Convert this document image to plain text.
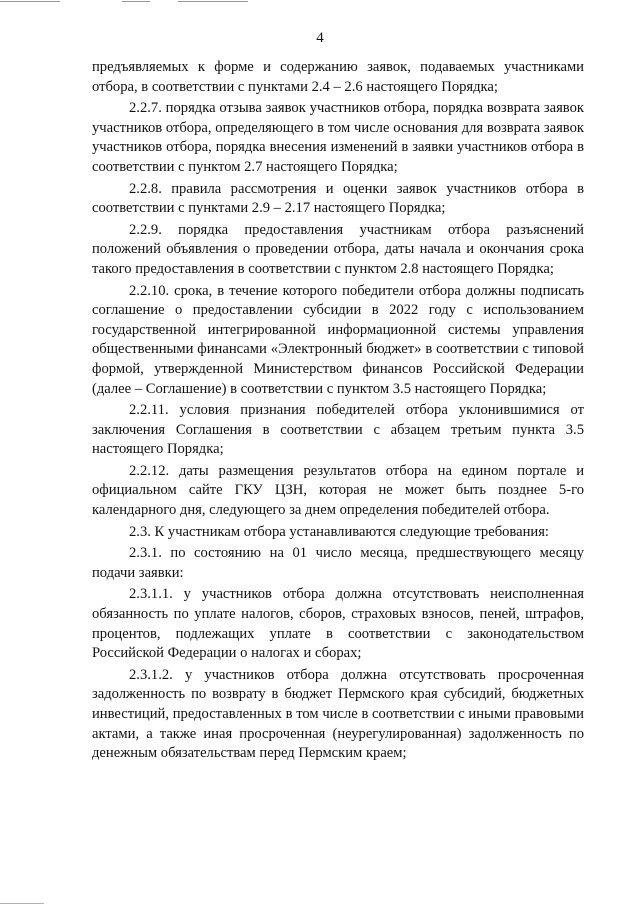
4

предъявляемых к форме и содержанию заявок, подаваемых участниками отбора, в соответствии с пунктами 2.4 – 2.6 настоящего Порядка;

2.2.7. порядка отзыва заявок участников отбора, порядка возврата заявок участников отбора, определяющего в том числе основания для возврата заявок участников отбора, порядка внесения изменений в заявки участников отбора в соответствии с пунктом 2.7 настоящего Порядка;

2.2.8. правила рассмотрения и оценки заявок участников отбора в соответствии с пунктами 2.9 – 2.17 настоящего Порядка;

2.2.9. порядка предоставления участникам отбора разъяснений положений объявления о проведении отбора, даты начала и окончания срока такого предоставления в соответствии с пунктом 2.8 настоящего Порядка;

2.2.10. срока, в течение которого победители отбора должны подписать соглашение о предоставлении субсидии в 2022 году с использованием государственной интегрированной информационной системы управления общественными финансами «Электронный бюджет» в соответствии с типовой формой, утвержденной Министерством финансов Российской Федерации (далее – Соглашение) в соответствии с пунктом 3.5 настоящего Порядка;

2.2.11. условия признания победителей отбора уклонившимися от заключения Соглашения в соответствии с абзацем третьим пункта 3.5 настоящего Порядка;

2.2.12. даты размещения результатов отбора на едином портале и официальном сайте ГКУ ЦЗН, которая не может быть позднее 5-го календарного дня, следующего за днем определения победителей отбора.

2.3. К участникам отбора устанавливаются следующие требования:

2.3.1. по состоянию на 01 число месяца, предшествующего месяцу подачи заявки:

2.3.1.1. у участников отбора должна отсутствовать неисполненная обязанность по уплате налогов, сборов, страховых взносов, пеней, штрафов, процентов, подлежащих уплате в соответствии с законодательством Российской Федерации о налогах и сборах;

2.3.1.2. у участников отбора должна отсутствовать просроченная задолженность по возврату в бюджет Пермского края субсидий, бюджетных инвестиций, предоставленных в том числе в соответствии с иными правовыми актами, а также иная просроченная (неурегулированная) задолженность по денежным обязательствам перед Пермским краем;
